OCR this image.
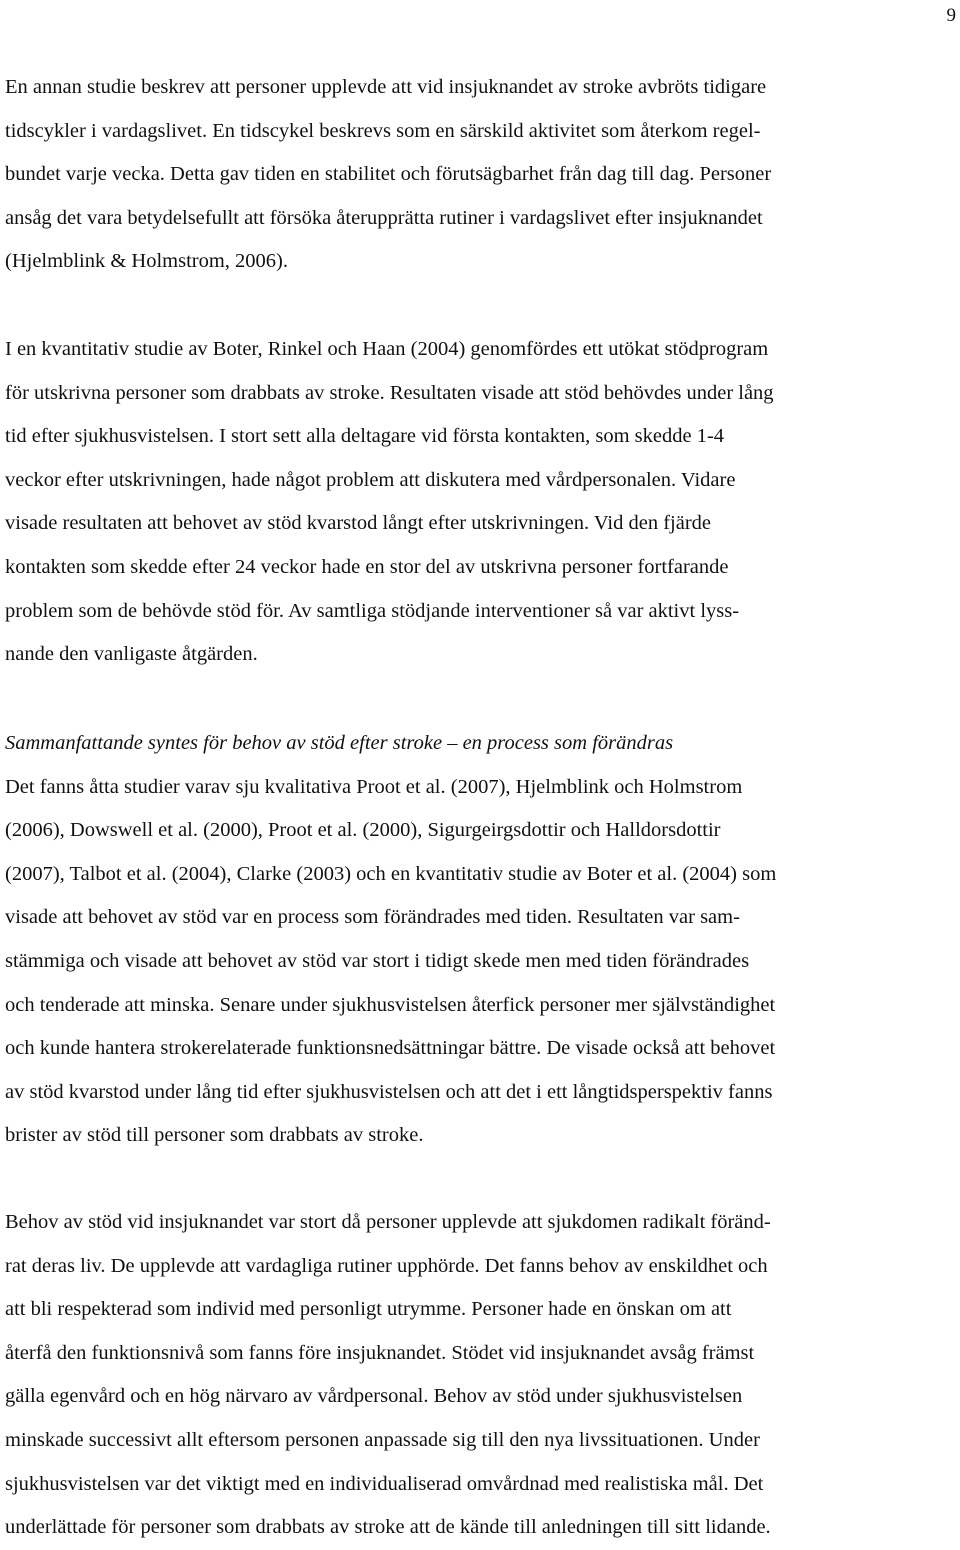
9
En annan studie beskrev att personer upplevde att vid insjuknandet av stroke avbröts tidigare
tidscykler i vardagslivet. En tidscykel beskrevs som en särskild aktivitet som återkom regel-
bundet varje vecka. Detta gav tiden en stabilitet och förutsägbarhet från dag till dag. Personer
ansåg det vara betydelsefullt att försöka återupprätta rutiner i vardagslivet efter insjuknandet
(Hjelmblink & Holmstrom, 2006).
I en kvantitativ studie av Boter, Rinkel och Haan (2004) genomfördes ett utökat stödprogram
för utskrivna personer som drabbats av stroke. Resultaten visade att stöd behövdes under lång
tid efter sjukhusvistelsen. I stort sett alla deltagare vid första kontakten, som skedde 1-4
veckor efter utskrivningen, hade något problem att diskutera med vårdpersonalen. Vidare
visade resultaten att behovet av stöd kvarstod långt efter utskrivningen. Vid den fjärde
kontakten som skedde efter 24 veckor hade en stor del av utskrivna personer fortfarande
problem som de behövde stöd för. Av samtliga stödjande interventioner så var aktivt lyss-
nande den vanligaste åtgärden.
Sammanfattande syntes för behov av stöd efter stroke – en process som förändras
Det fanns åtta studier varav sju kvalitativa Proot et al. (2007), Hjelmblink och Holmstrom
(2006), Dowswell et al. (2000), Proot et al. (2000), Sigurgeirgsdottir och Halldorsdottir
(2007), Talbot et al. (2004), Clarke (2003) och en kvantitativ studie av Boter et al. (2004) som
visade att behovet av stöd var en process som förändrades med tiden. Resultaten var sam-
stämmiga och visade att behovet av stöd var stort i tidigt skede men med tiden förändrades
och tenderade att minska. Senare under sjukhusvistelsen återfick personer mer självständighet
och kunde hantera strokerelaterade funktionsnedsättningar bättre. De visade också att behovet
av stöd kvarstod under lång tid efter sjukhusvistelsen och att det i ett långtidsperspektiv fanns
brister av stöd till personer som drabbats av stroke.
Behov av stöd vid insjuknandet var stort då personer upplevde att sjukdomen radikalt föränd-
rat deras liv. De upplevde att vardagliga rutiner upphörde. Det fanns behov av enskildhet och
att bli respekterad som individ med personligt utrymme. Personer hade en önskan om att
återfå den funktionsnivå som fanns före insjuknandet. Stödet vid insjuknandet avsåg främst
gälla egenvård och en hög närvaro av vårdpersonal. Behov av stöd under sjukhusvistelsen
minskade successivt allt eftersom personen anpassade sig till den nya livssituationen. Under
sjukhusvistelsen var det viktigt med en individualiserad omvårdnad med realistiska mål. Det
underlättade för personer som drabbats av stroke att de kände till anledningen till sitt lidande.
